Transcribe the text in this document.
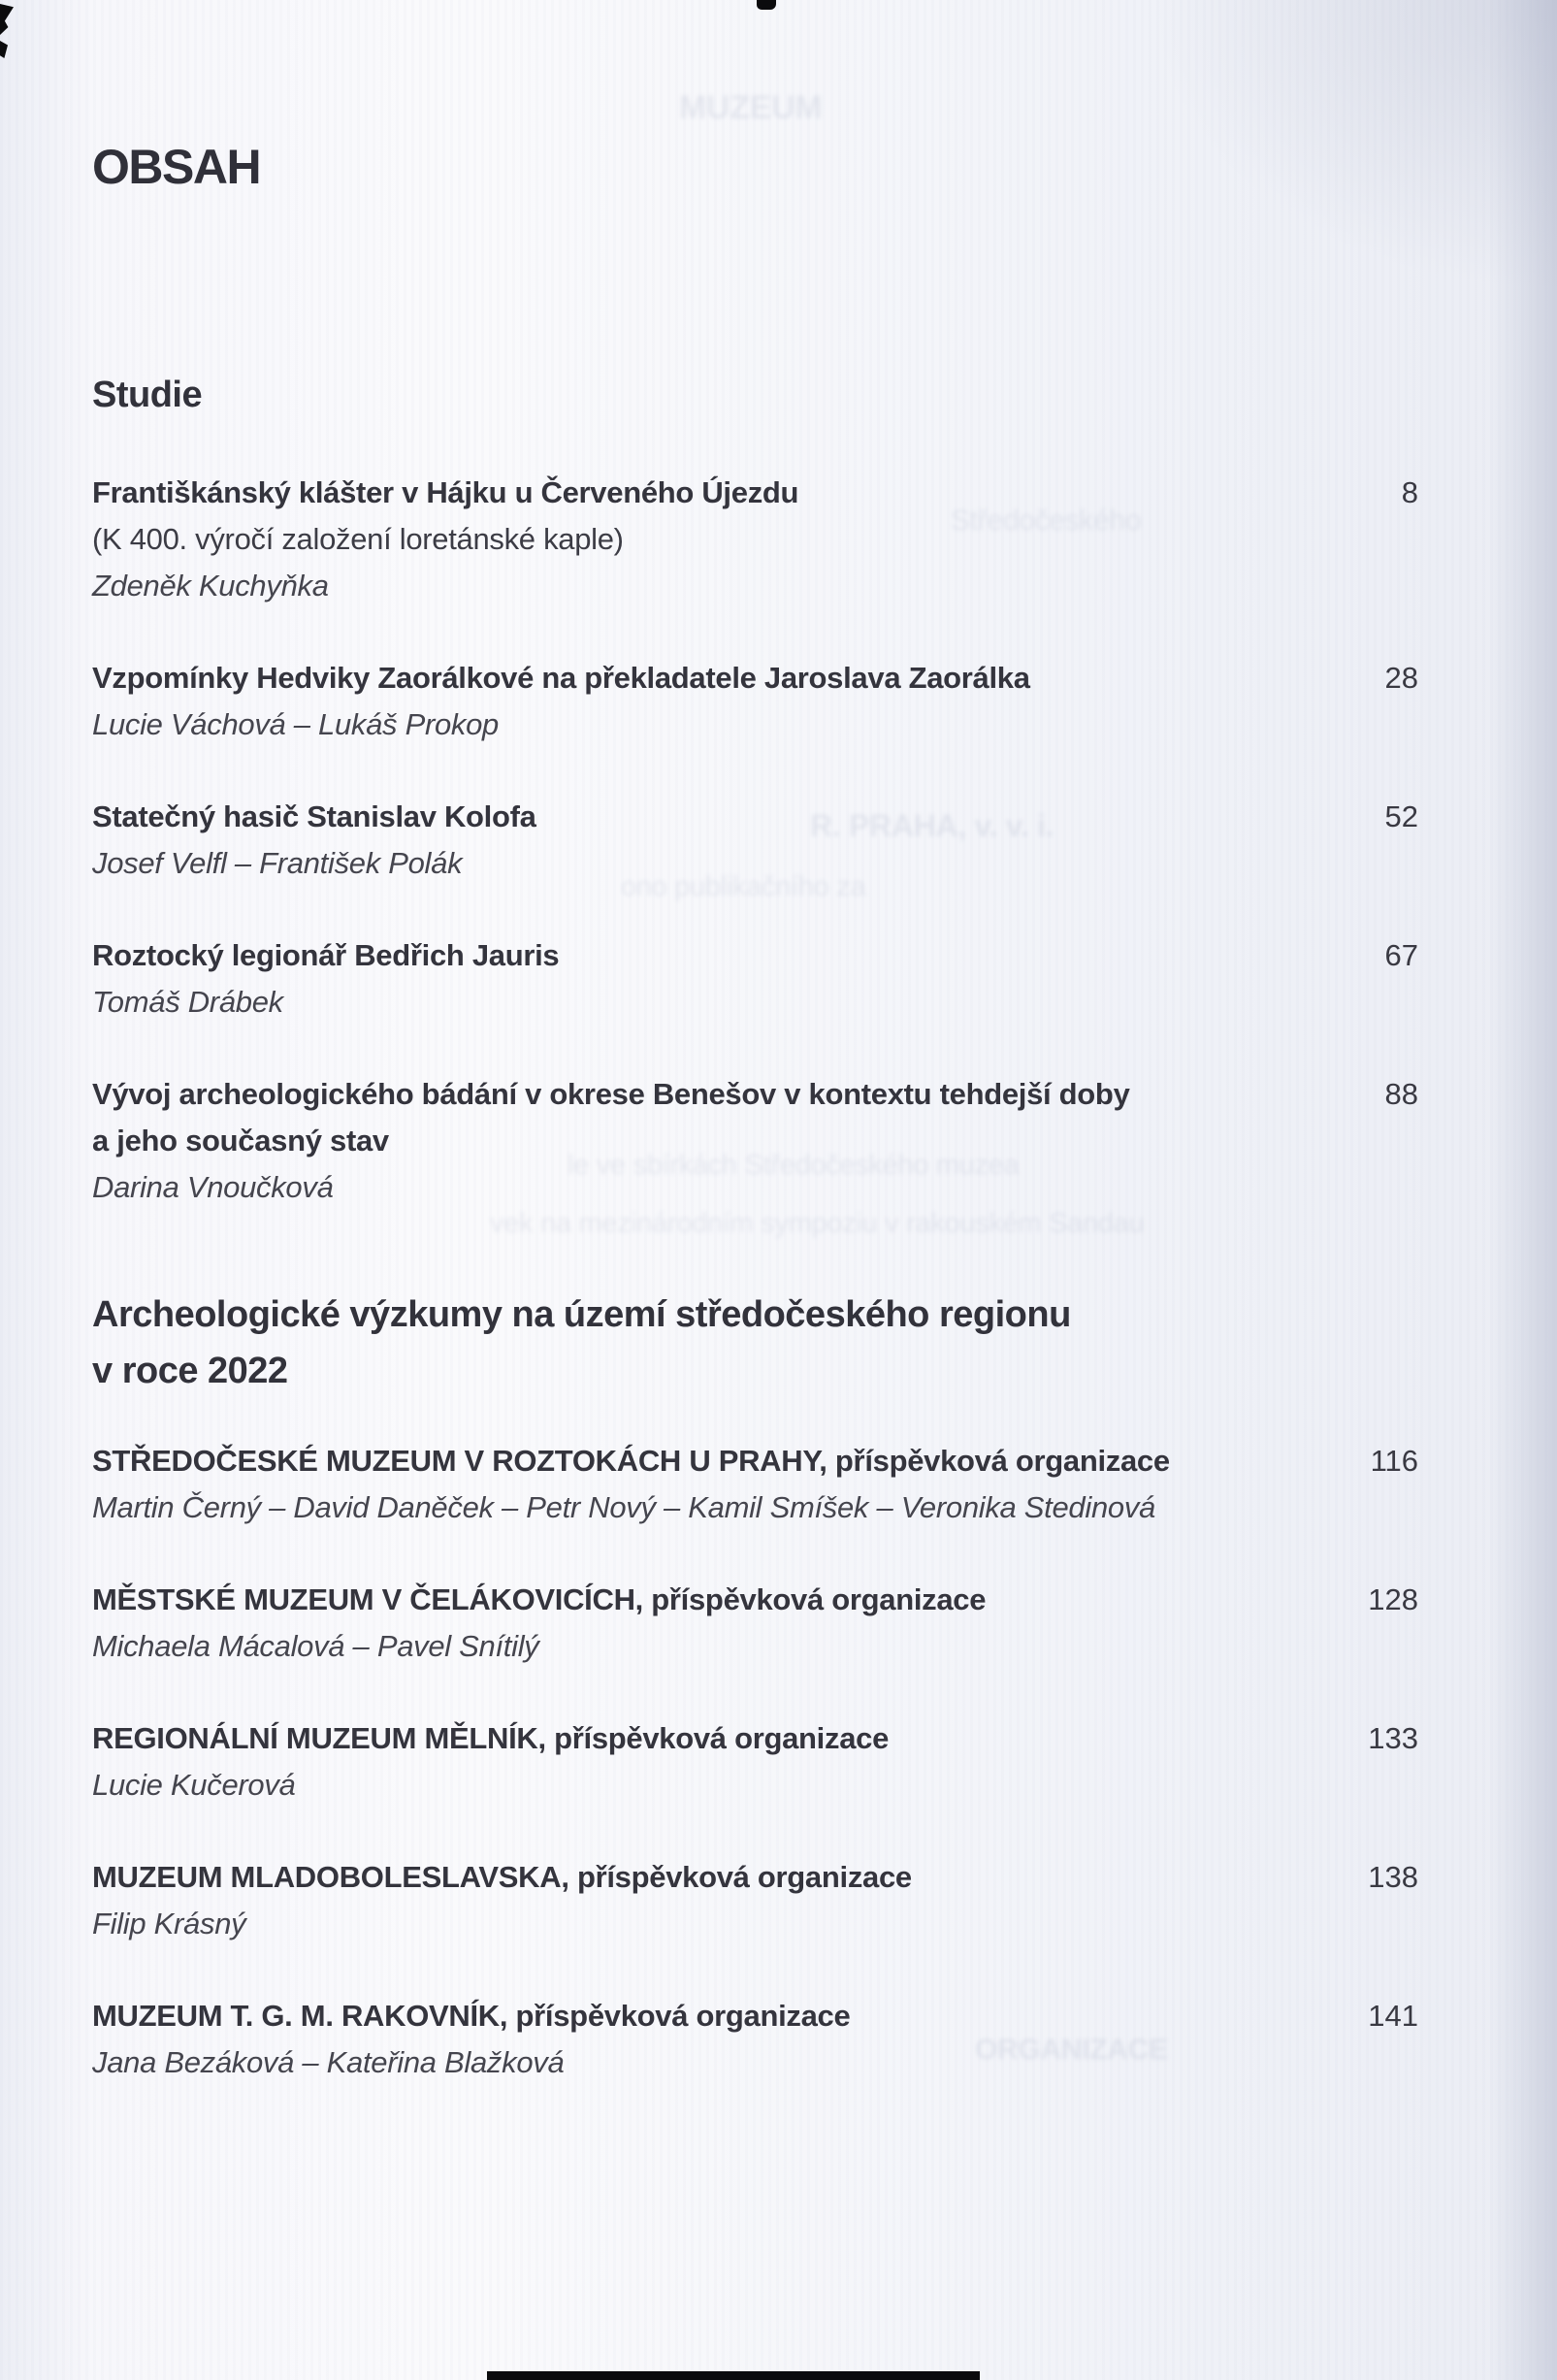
MUZEUM
Středočeského
R. PRAHA, v. v. i.
ono publikačního za
le ve sbírkách Středočeského muzea
vek na mezinárodním sympoziu v rakouském Sandau
ORGANIZACE
OBSAH
Studie
Františkánský klášter v Hájku u Červeného Újezdu
(K 400. výročí založení loretánské kaple)
Zdeněk Kuchyňka
8
Vzpomínky Hedviky Zaorálkové na překladatele Jaroslava Zaorálka
Lucie Váchová – Lukáš Prokop
28
Statečný hasič Stanislav Kolofa
Josef Velfl – František Polák
52
Roztocký legionář Bedřich Jauris
Tomáš Drábek
67
Vývoj archeologického bádání v okrese Benešov v kontextu tehdejší doby
a jeho současný stav
Darina Vnoučková
88
Archeologické výzkumy na území středočeského regionu
v roce 2022
STŘEDOČESKÉ MUZEUM V ROZTOKÁCH U PRAHY, příspěvková organizace
Martin Černý – David Daněček – Petr Nový – Kamil Smíšek – Veronika Stedinová
116
MĚSTSKÉ MUZEUM V ČELÁKOVICÍCH, příspěvková organizace
Michaela Mácalová – Pavel Snítilý
128
REGIONÁLNÍ MUZEUM MĚLNÍK, příspěvková organizace
Lucie Kučerová
133
MUZEUM MLADOBOLESLAVSKA, příspěvková organizace
Filip Krásný
138
MUZEUM T. G. M. RAKOVNÍK, příspěvková organizace
Jana Bezáková – Kateřina Blažková
141
